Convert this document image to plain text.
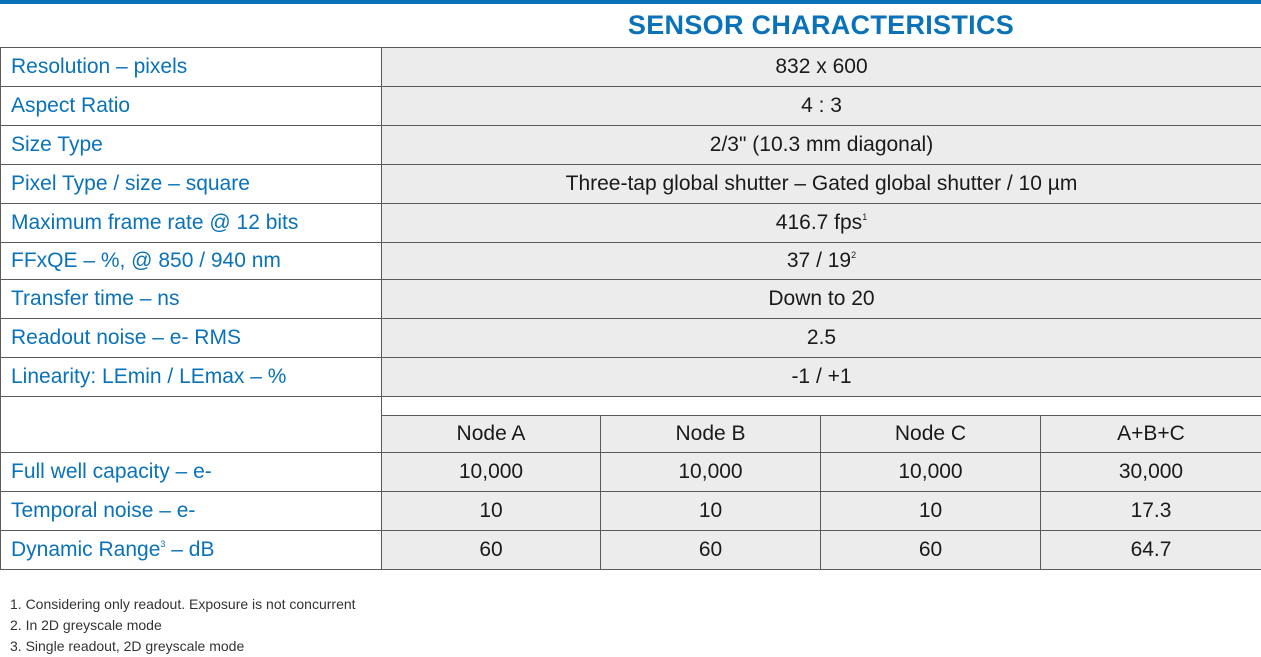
SENSOR CHARACTERISTICS
Resolution – pixels	832 x 600			
Aspect Ratio	4 : 3			
Size Type	2/3" (10.3 mm diagonal)			
Pixel Type / size – square	Three-tap global shutter – Gated global shutter / 10 µm			
Maximum frame rate @ 12 bits	416.7 fps$^1$
FFxQE – %, @ 850 / 940 nm	$37 / 19^2$
Transfer time – ns	Down to 20			
Readout noise – e- RMS	2.5			
Linearity: LEmin / LEmax – %	-1 / +1			

	Node A	Node B	Node C	A+B+C
Full well capacity – e-	10,000	10,000	10,000	30,000
Temporal noise – e-	10	10	10	17.3
Dynamic Range$^3$ – dB	60	60	60	64.7
1. Considering only readout. Exposure is not concurrent
2. In 2D greyscale mode
3. Single readout, 2D greyscale mode
